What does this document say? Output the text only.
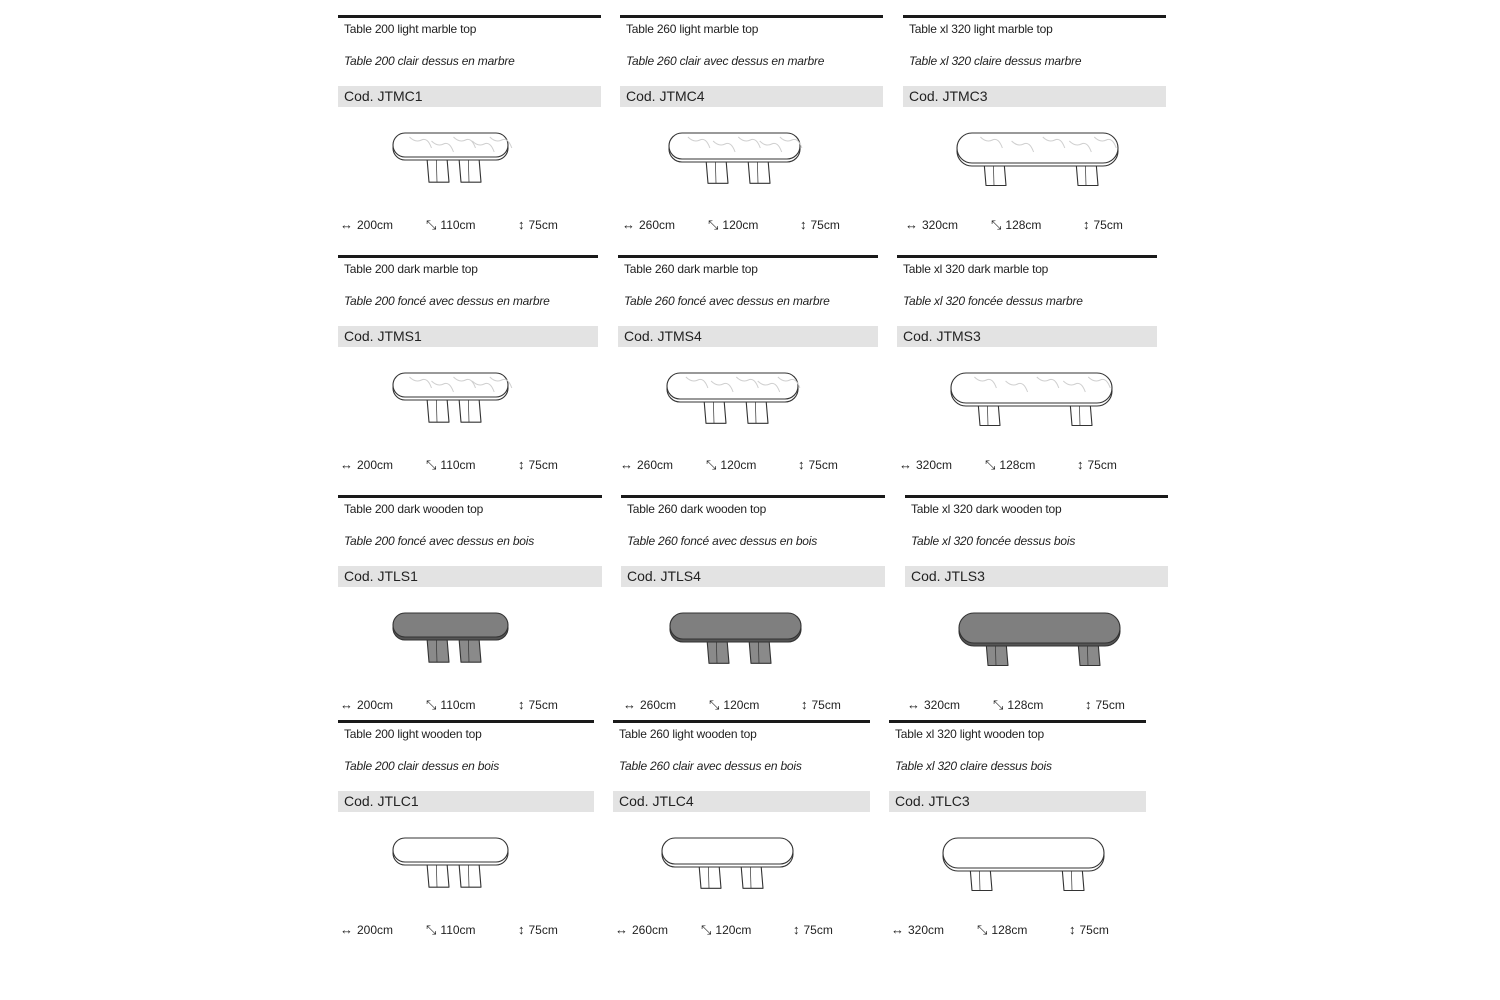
Table 200 light marble top
Table 200 clair dessus en marbre
Cod. JTMC1
↔ 200cm	⤡ 110cm	↕ 75cm
Table 260 light marble top
Table 260 clair avec dessus en marbre
Cod. JTMC4
↔ 260cm	⤡ 120cm	↕ 75cm
Table xl 320 light marble top
Table xl 320 claire dessus marbre
Cod. JTMC3
↔ 320cm	⤡ 128cm	↕ 75cm
Table 200 dark marble top
Table 200 foncé avec dessus en marbre
Cod. JTMS1
↔ 200cm	⤡ 110cm	↕ 75cm
Table 260 dark marble top
Table 260 foncé avec dessus en marbre
Cod. JTMS4
↔ 260cm	⤡ 120cm	↕ 75cm
Table xl 320 dark marble top
Table xl 320 foncée dessus marbre
Cod. JTMS3
↔ 320cm	⤡ 128cm	↕ 75cm
Table 200 dark wooden top
Table 200 foncé avec dessus en bois
Cod. JTLS1
↔ 200cm	⤡ 110cm	↕ 75cm
Table 260 dark wooden top
Table 260 foncé avec dessus en bois
Cod. JTLS4
↔ 260cm	⤡ 120cm	↕ 75cm
Table xl 320 dark wooden top
Table xl 320 foncée dessus bois
Cod. JTLS3
↔ 320cm	⤡ 128cm	↕ 75cm
Table 200 light wooden top
Table 200 clair dessus en bois
Cod. JTLC1
↔ 200cm	⤡ 110cm	↕ 75cm
Table 260 light wooden top
Table 260 clair avec dessus en bois
Cod. JTLC4
↔ 260cm	⤡ 120cm	↕ 75cm
Table xl 320 light wooden top
Table xl 320 claire dessus bois
Cod. JTLC3
↔ 320cm	⤡ 128cm	↕ 75cm
